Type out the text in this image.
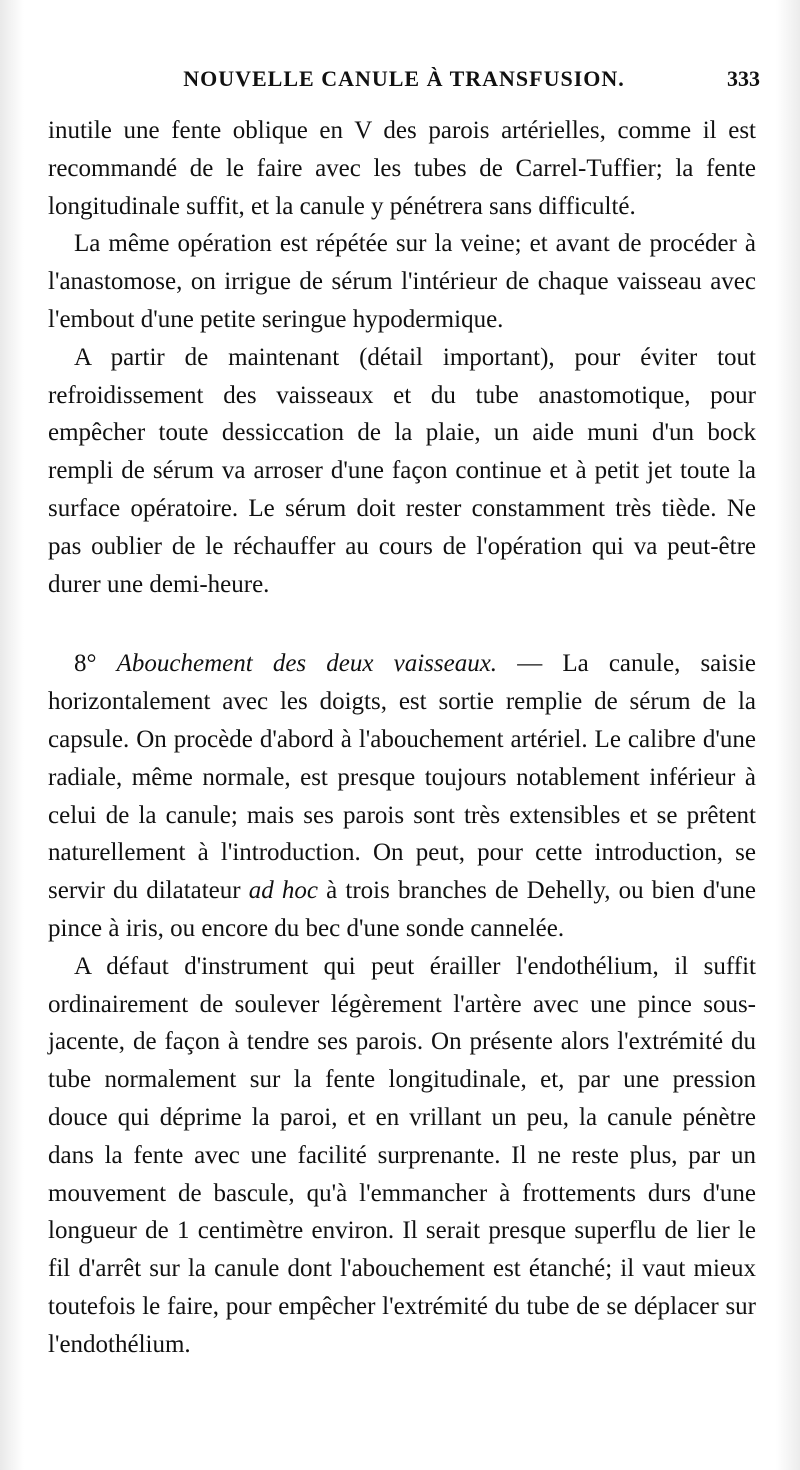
NOUVELLE CANULE À TRANSFUSION.	333

inutile une fente oblique en V des parois artérielles, comme il est recommandé de le faire avec les tubes de Carrel-Tuffier; la fente longitudinale suffit, et la canule y pénétrera sans difficulté.

La même opération est répétée sur la veine; et avant de procéder à l'anastomose, on irrigue de sérum l'intérieur de chaque vaisseau avec l'embout d'une petite seringue hypodermique.

A partir de maintenant (détail important), pour éviter tout refroidissement des vaisseaux et du tube anastomotique, pour empêcher toute dessiccation de la plaie, un aide muni d'un bock rempli de sérum va arroser d'une façon continue et à petit jet toute la surface opératoire. Le sérum doit rester constamment très tiède. Ne pas oublier de le réchauffer au cours de l'opération qui va peut-être durer une demi-heure.

8° Abouchement des deux vaisseaux. — La canule, saisie horizontalement avec les doigts, est sortie remplie de sérum de la capsule. On procède d'abord à l'abouchement artériel. Le calibre d'une radiale, même normale, est presque toujours notablement inférieur à celui de la canule; mais ses parois sont très extensibles et se prêtent naturellement à l'introduction. On peut, pour cette introduction, se servir du dilatateur ad hoc à trois branches de Dehelly, ou bien d'une pince à iris, ou encore du bec d'une sonde cannelée.

A défaut d'instrument qui peut érailler l'endothélium, il suffit ordinairement de soulever légèrement l'artère avec une pince sous-jacente, de façon à tendre ses parois. On présente alors l'extrémité du tube normalement sur la fente longitudinale, et, par une pression douce qui déprime la paroi, et en vrillant un peu, la canule pénètre dans la fente avec une facilité surprenante. Il ne reste plus, par un mouvement de bascule, qu'à l'emmancher à frottements durs d'une longueur de 1 centimètre environ. Il serait presque superflu de lier le fil d'arrêt sur la canule dont l'abouchement est étanché; il vaut mieux toutefois le faire, pour empêcher l'extrémité du tube de se déplacer sur l'endothélium.
